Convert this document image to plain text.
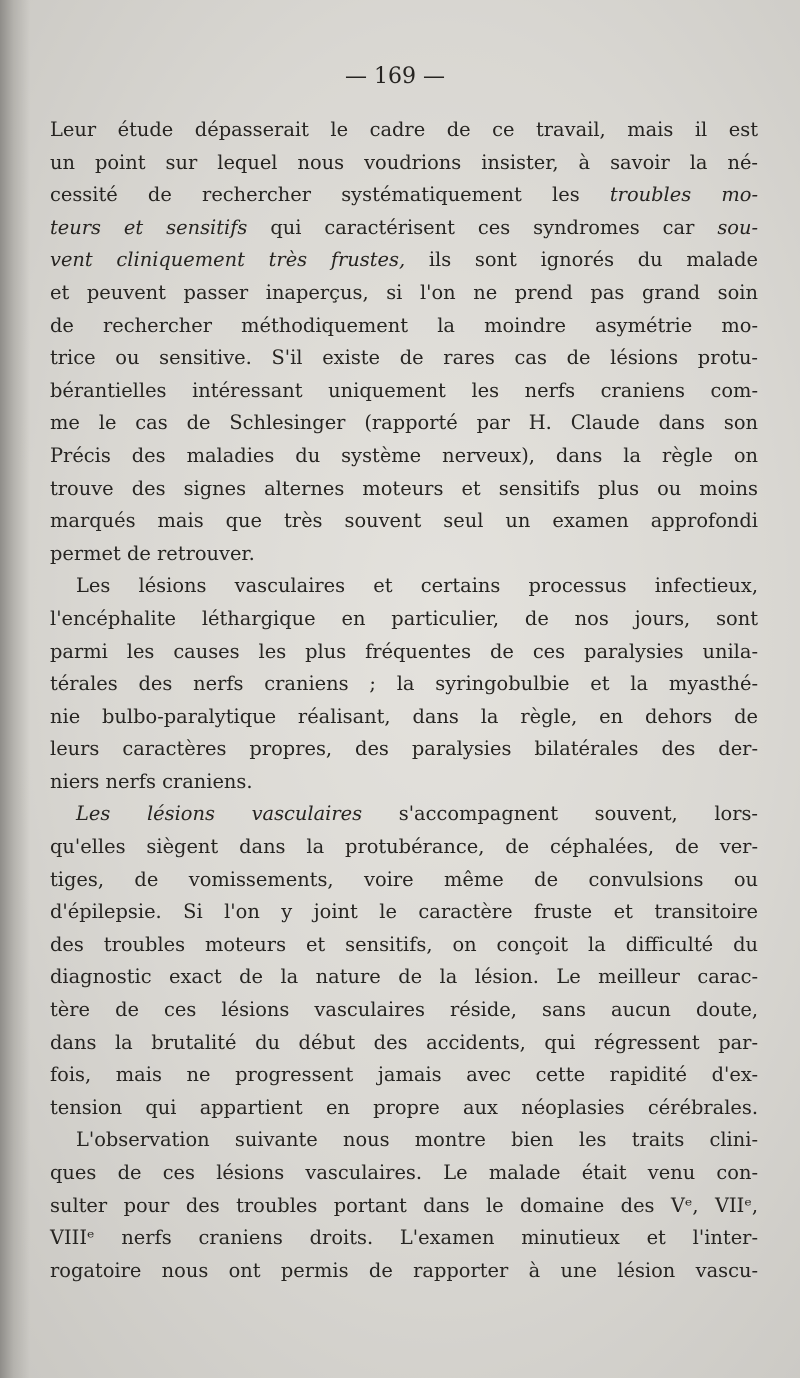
— 169 —
Leur étude dépasserait le cadre de ce travail, mais il est
un point sur lequel nous voudrions insister, à savoir la né-
cessité de rechercher systématiquement les troubles mo-
teurs et sensitifs qui caractérisent ces syndromes car sou-
vent cliniquement très frustes, ils sont ignorés du malade
et peuvent passer inaperçus, si l'on ne prend pas grand soin
de rechercher méthodiquement la moindre asymétrie mo-
trice ou sensitive. S'il existe de rares cas de lésions protu-
bérantielles intéressant uniquement les nerfs craniens com-
me le cas de Schlesinger (rapporté par H. Claude dans son
Précis des maladies du système nerveux), dans la règle on
trouve des signes alternes moteurs et sensitifs plus ou moins
marqués mais que très souvent seul un examen approfondi
permet de retrouver.
Les lésions vasculaires et certains processus infectieux,
l'encéphalite léthargique en particulier, de nos jours, sont
parmi les causes les plus fréquentes de ces paralysies unila-
térales des nerfs craniens ; la syringobulbie et la myasthé-
nie bulbo-paralytique réalisant, dans la règle, en dehors de
leurs caractères propres, des paralysies bilatérales des der-
niers nerfs craniens.
Les lésions vasculaires s'accompagnent souvent, lors-
qu'elles siègent dans la protubérance, de céphalées, de ver-
tiges, de vomissements, voire même de convulsions ou
d'épilepsie. Si l'on y joint le caractère fruste et transitoire
des troubles moteurs et sensitifs, on conçoit la difficulté du
diagnostic exact de la nature de la lésion. Le meilleur carac-
tère de ces lésions vasculaires réside, sans aucun doute,
dans la brutalité du début des accidents, qui régressent par-
fois, mais ne progressent jamais avec cette rapidité d'ex-
tension qui appartient en propre aux néoplasies cérébrales.
L'observation suivante nous montre bien les traits clini-
ques de ces lésions vasculaires. Le malade était venu con-
sulter pour des troubles portant dans le domaine des Vᵉ, VIIᵉ,
VIIIᵉ nerfs craniens droits. L'examen minutieux et l'inter-
rogatoire nous ont permis de rapporter à une lésion vascu-
